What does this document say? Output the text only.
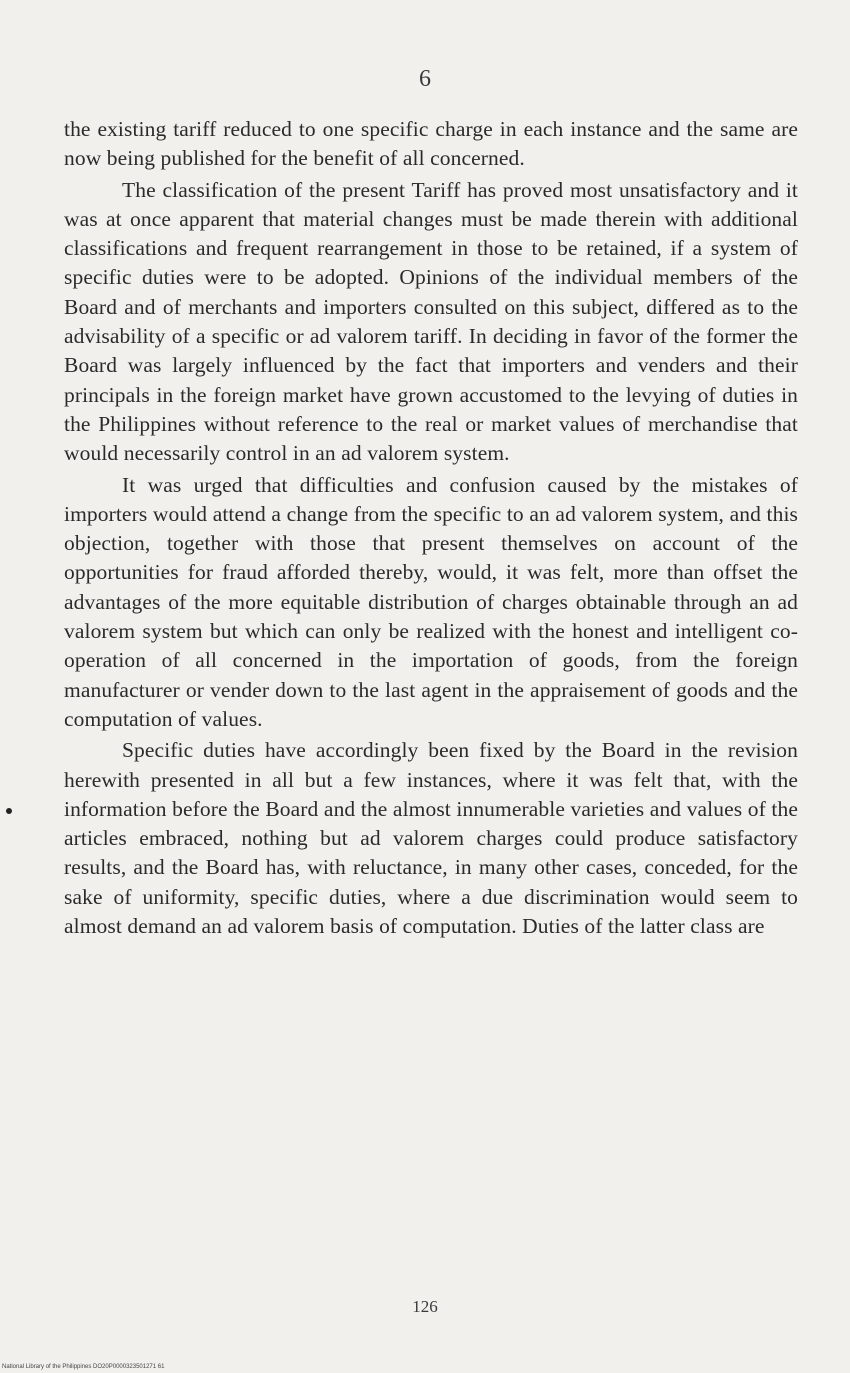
6

the existing tariff reduced to one specific charge in each instance and the same are now being published for the benefit of all concerned.

The classification of the present Tariff has proved most unsatisfactory and it was at once apparent that material changes must be made therein with additional classifications and frequent rearrangement in those to be retained, if a system of specific duties were to be adopted. Opinions of the individual members of the Board and of merchants and importers consulted on this subject, differed as to the advisability of a specific or ad valorem tariff. In deciding in favor of the former the Board was largely influenced by the fact that importers and venders and their principals in the foreign market have grown accustomed to the levying of duties in the Philippines without reference to the real or market values of merchandise that would necessarily control in an ad valorem system.

It was urged that difficulties and confusion caused by the mistakes of importers would attend a change from the specific to an ad valorem system, and this objection, together with those that present themselves on account of the opportunities for fraud afforded thereby, would, it was felt, more than offset the advantages of the more equitable distribution of charges obtainable through an ad valorem system but which can only be realized with the honest and intelligent co-operation of all concerned in the importation of goods, from the foreign manufacturer or vender down to the last agent in the appraisement of goods and the computation of values.

Specific duties have accordingly been fixed by the Board in the revision herewith presented in all but a few instances, where it was felt that, with the information before the Board and the almost innumerable varieties and values of the articles embraced, nothing but ad valorem charges could produce satisfactory results, and the Board has, with reluctance, in many other cases, conceded, for the sake of uniformity, specific duties, where a due discrimination would seem to almost demand an ad valorem basis of computation. Duties of the latter class are

126
National Library of the Philippines DO20P0000323501271 61
